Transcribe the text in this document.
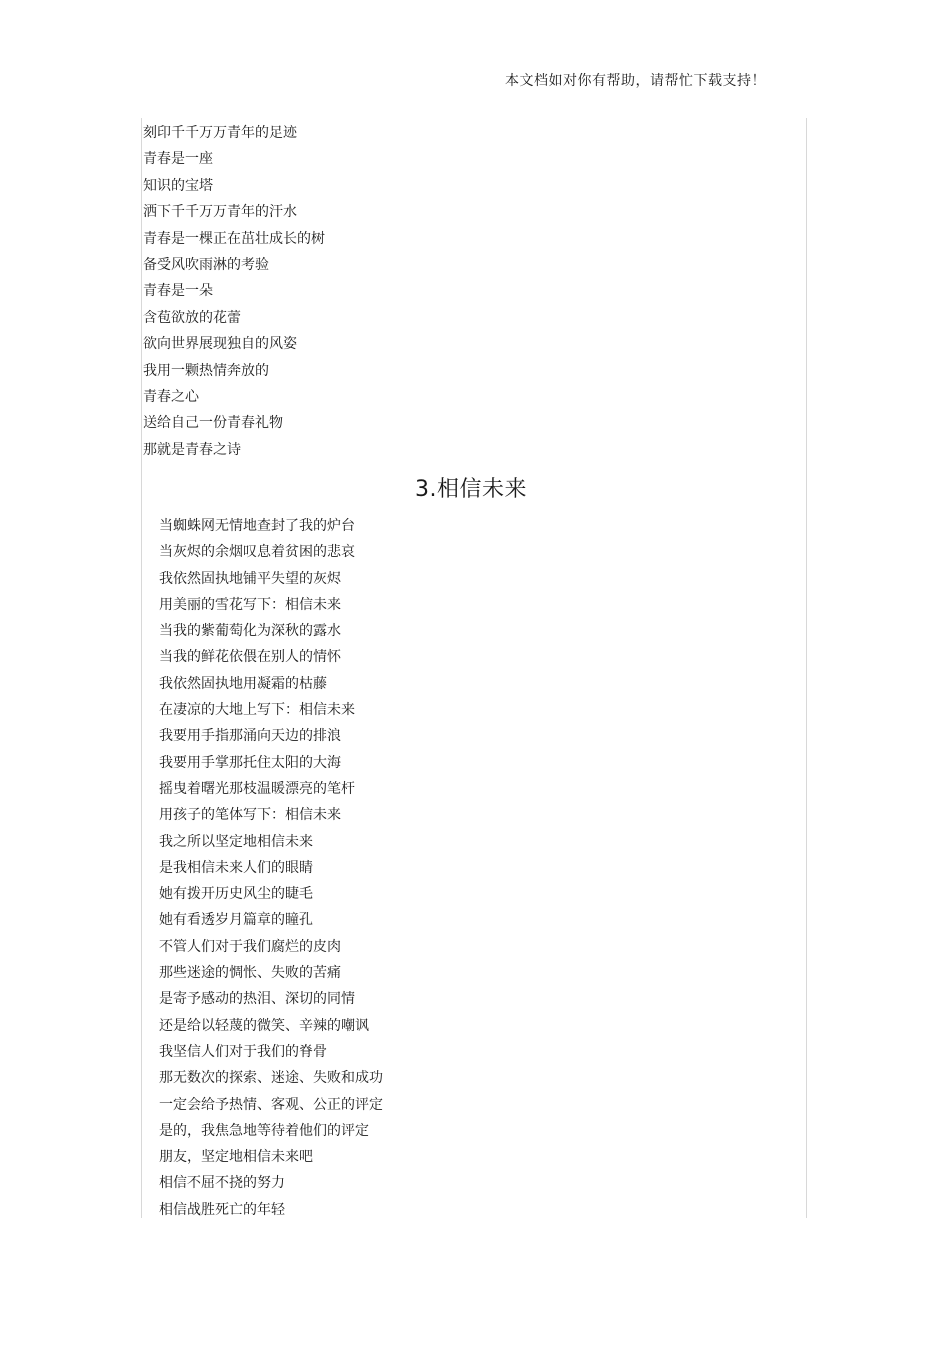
本文档如对你有帮助，请帮忙下载支持！
刻印千千万万青年的足迹
青春是一座
知识的宝塔
洒下千千万万青年的汗水
青春是一棵正在茁壮成长的树
备受风吹雨淋的考验
青春是一朵
含苞欲放的花蕾
欲向世界展现独自的风姿
我用一颗热情奔放的
青春之心
送给自己一份青春礼物
那就是青春之诗
3.相信未来
当蜘蛛网无情地查封了我的炉台
当灰烬的余烟叹息着贫困的悲哀
我依然固执地铺平失望的灰烬
用美丽的雪花写下：相信未来
当我的紫葡萄化为深秋的露水
当我的鲜花依偎在别人的情怀
我依然固执地用凝霜的枯藤
在凄凉的大地上写下：相信未来
我要用手指那涌向天边的排浪
我要用手掌那托住太阳的大海
摇曳着曙光那枝温暖漂亮的笔杆
用孩子的笔体写下：相信未来
我之所以坚定地相信未来
是我相信未来人们的眼睛
她有拨开历史风尘的睫毛
她有看透岁月篇章的瞳孔
不管人们对于我们腐烂的皮肉
那些迷途的惆怅、失败的苦痛
是寄予感动的热泪、深切的同情
还是给以轻蔑的微笑、辛辣的嘲讽
我坚信人们对于我们的脊骨
那无数次的探索、迷途、失败和成功
一定会给予热情、客观、公正的评定
是的，我焦急地等待着他们的评定
朋友，坚定地相信未来吧
相信不屈不挠的努力
相信战胜死亡的年轻
